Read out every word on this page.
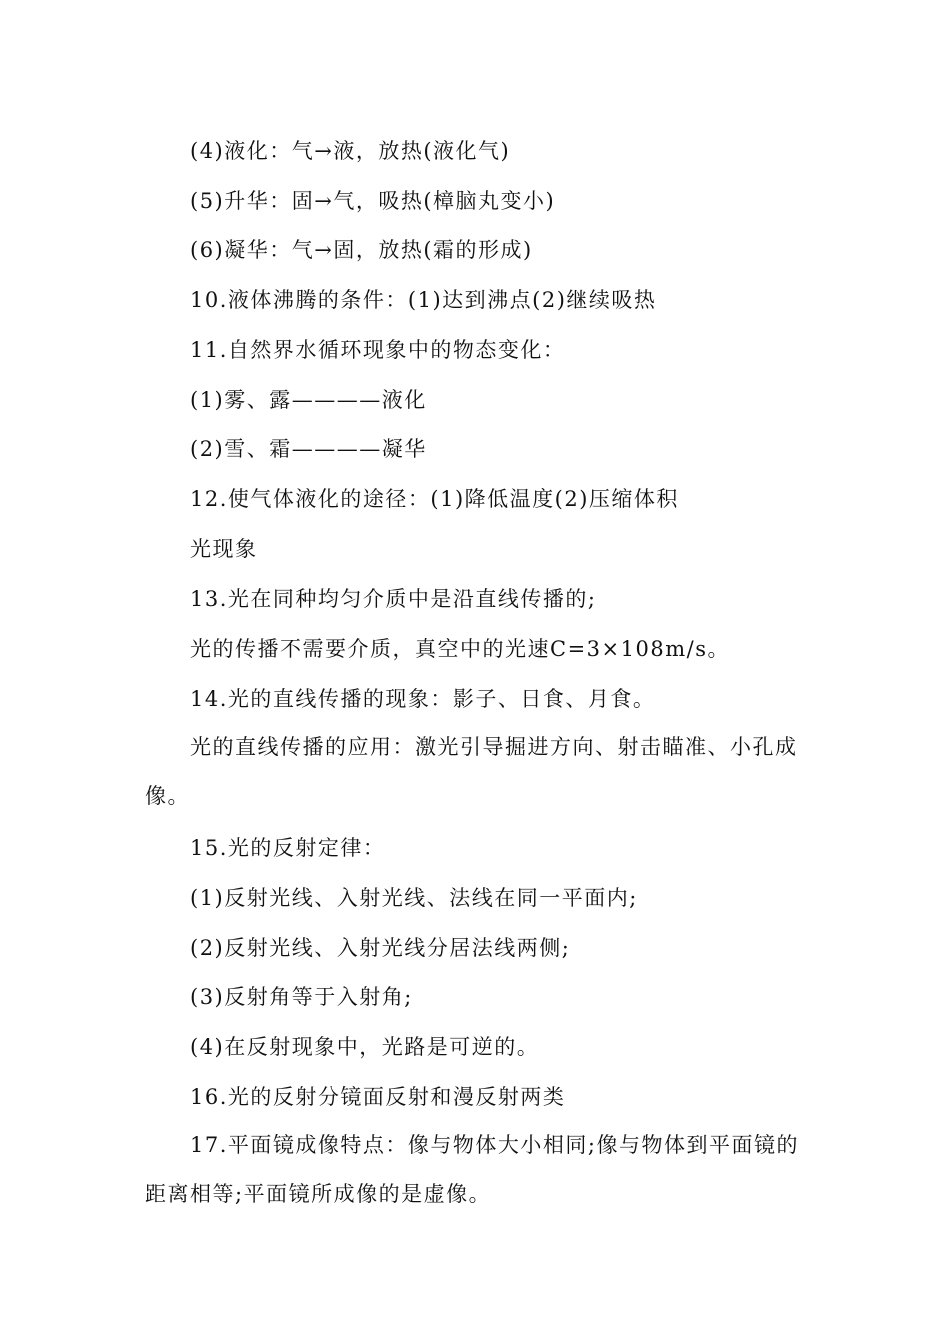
(4)液化：气→液，放热(液化气)
(5)升华：固→气，吸热(樟脑丸变小)
(6)凝华：气→固，放热(霜的形成)
10.液体沸腾的条件：(1)达到沸点(2)继续吸热
11.自然界水循环现象中的物态变化：
(1)雾、露————液化
(2)雪、霜————凝华
12.使气体液化的途径：(1)降低温度(2)压缩体积
光现象
13.光在同种均匀介质中是沿直线传播的;
光的传播不需要介质，真空中的光速C=3×108m/s。
14.光的直线传播的现象：影子、日食、月食。
光的直线传播的应用：激光引导掘进方向、射击瞄准、小孔成像。
15.光的反射定律：
(1)反射光线、入射光线、法线在同一平面内;
(2)反射光线、入射光线分居法线两侧;
(3)反射角等于入射角;
(4)在反射现象中，光路是可逆的。
16.光的反射分镜面反射和漫反射两类
17.平面镜成像特点：像与物体大小相同;像与物体到平面镜的距离相等;平面镜所成像的是虚像。
